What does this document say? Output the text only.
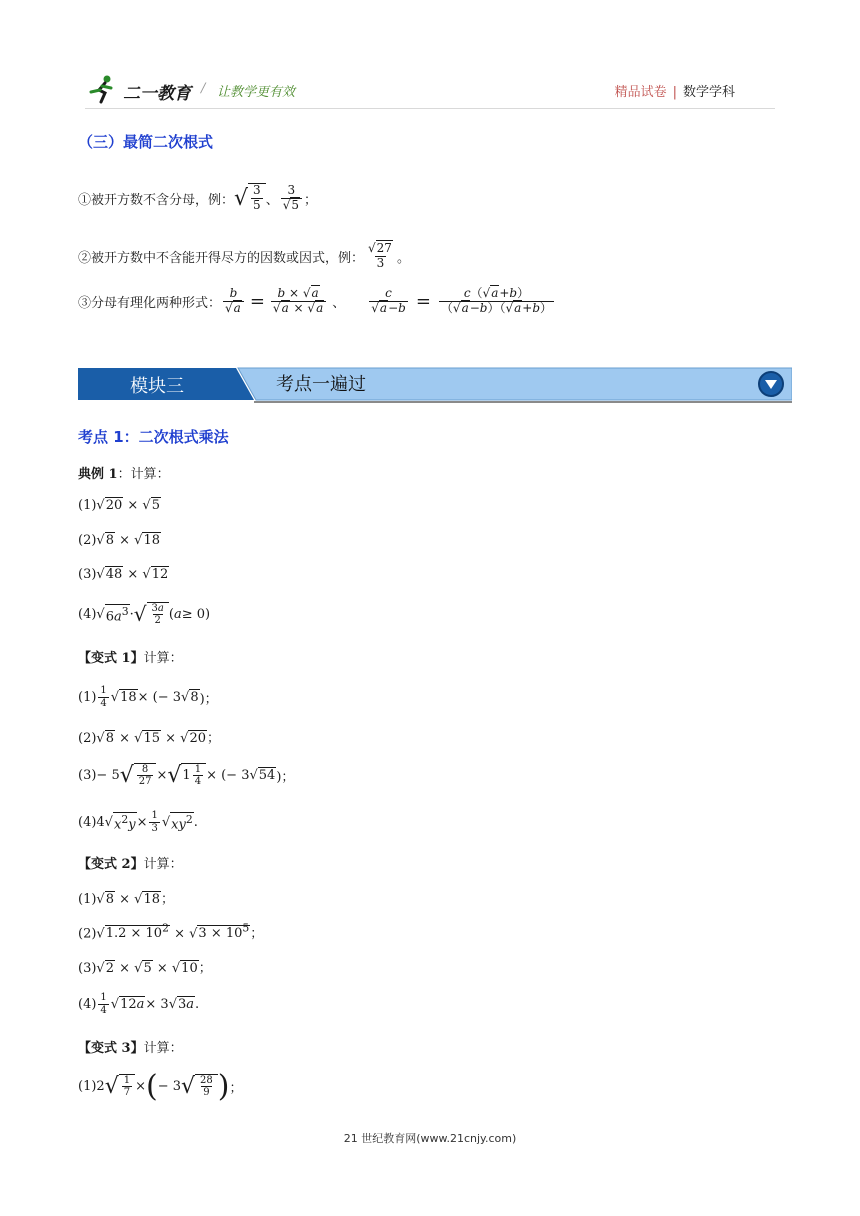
二一教育 / 让教学更有效	精品试卷 | 数学学科
（三）最简二次根式
①被开方数不含分母，例： √ $\frac{3}{5}$ 、 $\frac{3}{√5}$ ；
②被开方数中不含能开得尽方的因数或因式，例： $\frac{√27}{3}$ 。
③分母有理化两种形式： $\frac{b}{√a} = \frac{b \times √a}{√a \times √a}$ 、 $\frac{c}{√a-b} = \frac{c(√a+b)}{(√a-b)(√a+b)}$
模块三	考点一遍过
考点 1：二次根式乘法
典例 1：计算：
(1)√20 × √5
(2)√8 × √18
(3)√48 × √12
(4)√ $6a^3$ · √ $\frac{3a}{2}$ ( a ≥ 0)
【变式 1】计算：
$(1) \frac{1}{4}$ √ 18 × (− 3√ 8 )；
(2)√8 × √15 × √20；
(3)− 5 √ $\frac{8}{27}$ × √ $1 \frac{1}{4}$ × (− 3√ 54 )；
(4)4√ $x^2y \times \frac{1}{3}$ √ $xy^2$ .
【变式 2】计算：
(1)√8 × √18；
$(2)√1.2 \times 10^2 \times √3 \times 10^5$；
(3)√2 × √5 × √10；
$(4) \frac{1}{4}$ √ 12a × 3√ 3a .
【变式 3】计算：
(1)2 √ $\frac{1}{7}$ × ( − 3 √ $\frac{28}{9}$ ) ；
21 世纪教育网(www.21cnjy.com)
